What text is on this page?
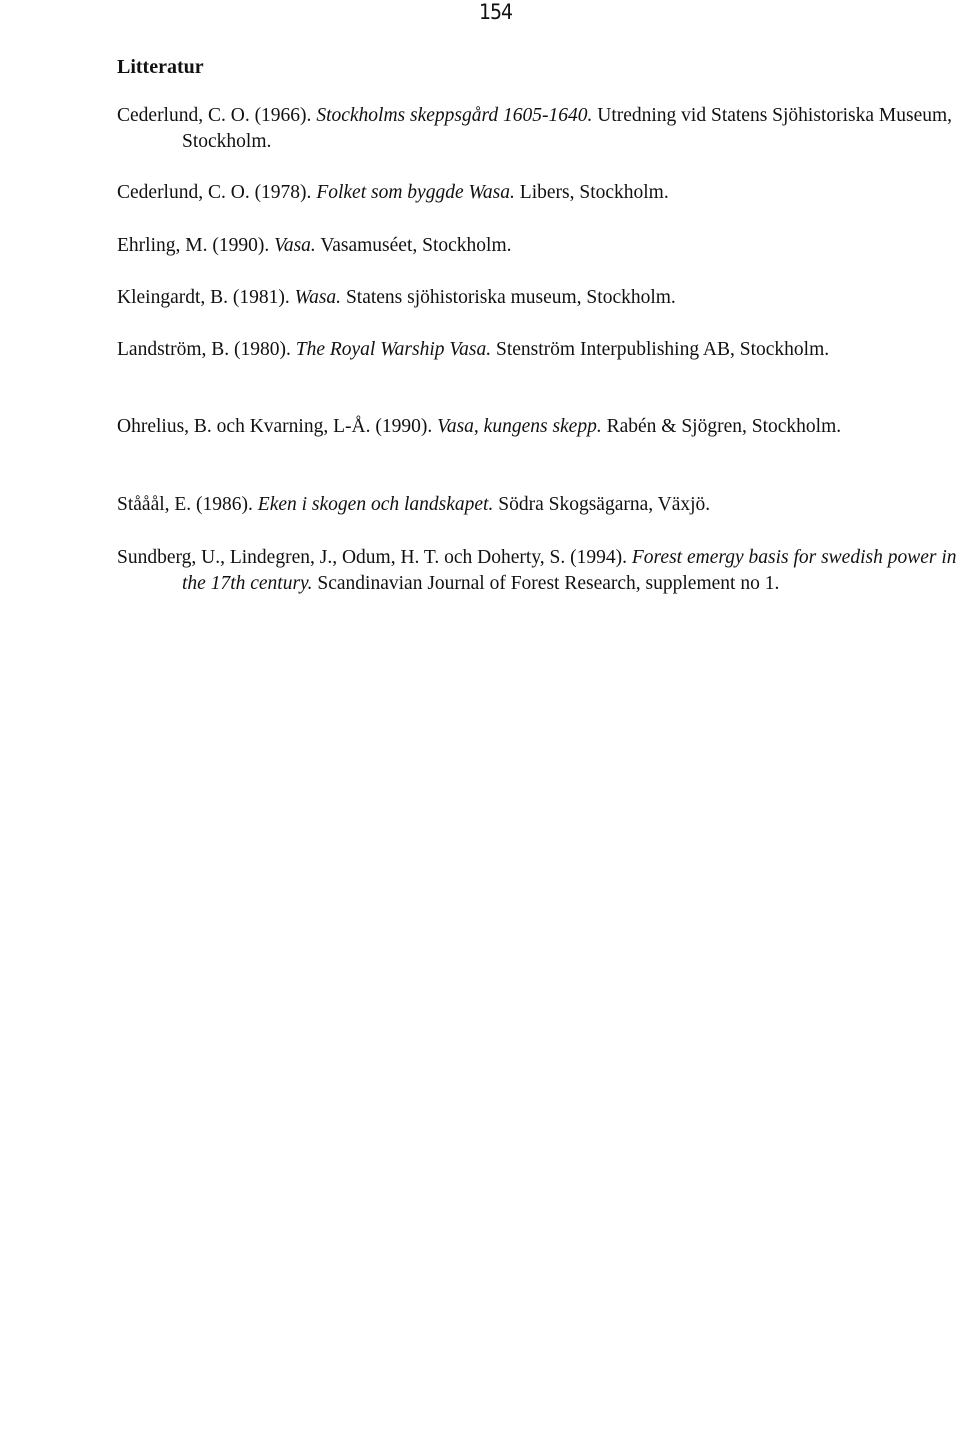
154
Litteratur
Cederlund, C. O. (1966). Stockholms skeppsgård 1605-1640. Utredning vid Statens Sjöhistoriska Museum, Stockholm.
Cederlund, C. O. (1978). Folket som byggde Wasa. Libers, Stockholm.
Ehrling, M. (1990). Vasa. Vasamuséet, Stockholm.
Kleingardt, B. (1981). Wasa. Statens sjöhistoriska museum, Stockholm.
Landström, B. (1980). The Royal Warship Vasa. Stenström Interpublishing AB, Stockholm.
Ohrelius, B. och Kvarning, L-Å. (1990). Vasa, kungens skepp. Rabén & Sjögren, Stockholm.
Stååål, E. (1986). Eken i skogen och landskapet. Södra Skogsägarna, Växjö.
Sundberg, U., Lindegren, J., Odum, H. T. och Doherty, S. (1994). Forest emergy basis for swedish power in the 17th century. Scandinavian Journal of Forest Research, supplement no 1.
